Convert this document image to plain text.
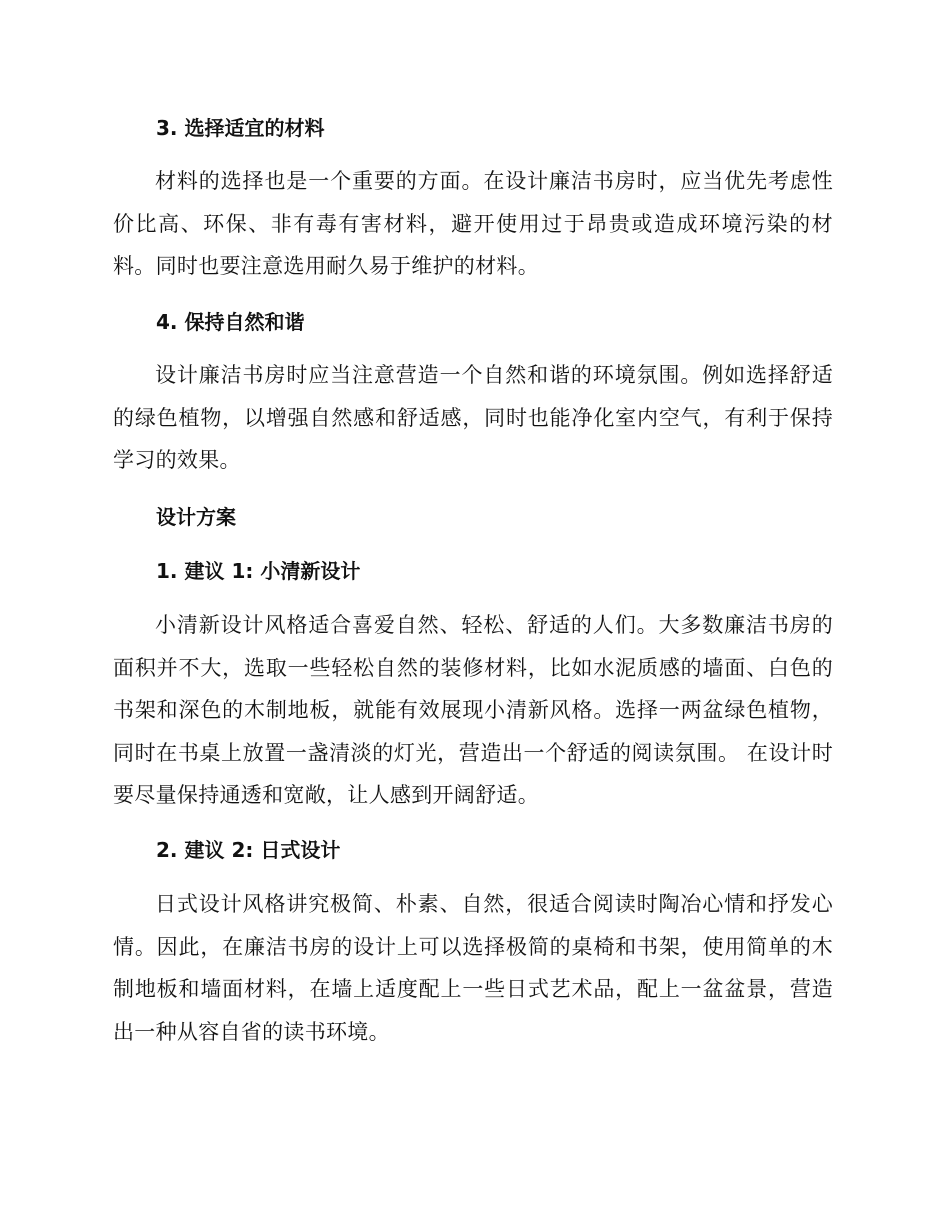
3. 选择适宜的材料

材料的选择也是一个重要的方面。在设计廉洁书房时，应当优先考虑性价比高、环保、非有毒有害材料，避开使用过于昂贵或造成环境污染的材料。同时也要注意选用耐久易于维护的材料。

4. 保持自然和谐

设计廉洁书房时应当注意营造一个自然和谐的环境氛围。例如选择舒适的绿色植物，以增强自然感和舒适感，同时也能净化室内空气，有利于保持学习的效果。

设计方案
1. 建议 1: 小清新设计

小清新设计风格适合喜爱自然、轻松、舒适的人们。大多数廉洁书房的面积并不大，选取一些轻松自然的装修材料，比如水泥质感的墙面、白色的书架和深色的木制地板，就能有效展现小清新风格。选择一两盆绿色植物，同时在书桌上放置一盏清淡的灯光，营造出一个舒适的阅读氛围。 在设计时要尽量保持通透和宽敞，让人感到开阔舒适。

2. 建议 2: 日式设计

日式设计风格讲究极简、朴素、自然，很适合阅读时陶冶心情和抒发心情。因此，在廉洁书房的设计上可以选择极简的桌椅和书架，使用简单的木制地板和墙面材料，在墙上适度配上一些日式艺术品，配上一盆盆景，营造出一种从容自省的读书环境。
